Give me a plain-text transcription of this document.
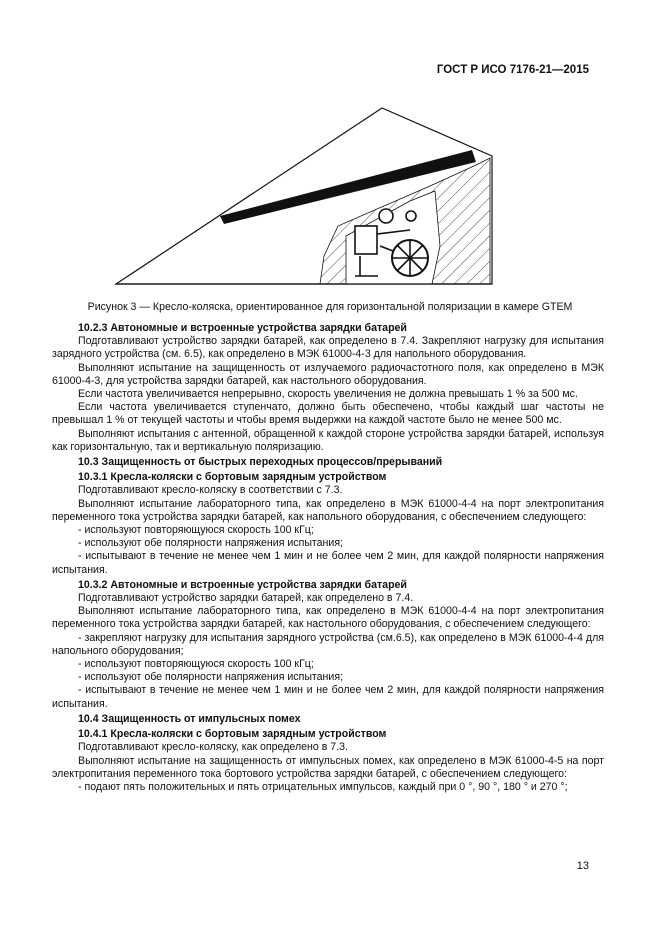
ГОСТ Р ИСО 7176-21—2015
Рисунок 3 — Кресло-коляска, ориентированное для горизонтальной поляризации в камере GTEM

10.2.3 Автономные и встроенные устройства зарядки батарей

Подготавливают устройство зарядки батарей, как определено в 7.4. Закрепляют нагрузку для испытания зарядного устройства (см. 6.5), как определено в МЭК 61000-4-3 для напольного оборудования.

Выполняют испытание на защищенность от излучаемого радиочастотного поля, как определено в МЭК 61000-4-3, для устройства зарядки батарей, как настольного оборудования.

Если частота увеличивается непрерывно, скорость увеличения не должна превышать 1 % за 500 мс.

Если частота увеличивается ступенчато, должно быть обеспечено, чтобы каждый шаг частоты не превышал 1 % от текущей частоты и чтобы время выдержки на каждой частоте было не менее 500 мс.

Выполняют испытания с антенной, обращенной к каждой стороне устройства зарядки батарей, используя как горизонтальную, так и вертикальную поляризацию.

10.3 Защищенность от быстрых переходных процессов/прерываний

10.3.1 Кресла-коляски с бортовым зарядным устройством

Подготавливают кресло-коляску в соответствии с 7.3.

Выполняют испытание лабораторного типа, как определено в МЭК 61000-4-4 на порт электропитания переменного тока устройства зарядки батарей, как напольного оборудования, с обеспечением следующего:

- используют повторяющуюся скорость 100 кГц;

- используют обе полярности напряжения испытания;

- испытывают в течение не менее чем 1 мин и не более чем 2 мин, для каждой полярности напряжения испытания.

10.3.2 Автономные и встроенные устройства зарядки батарей

Подготавливают устройство зарядки батарей, как определено в 7.4.

Выполняют испытание лабораторного типа, как определено в МЭК 61000-4-4 на порт электропитания переменного тока устройства зарядки батарей, как настольного оборудования, с обеспечением следующего:

- закрепляют нагрузку для испытания зарядного устройства (см.6.5), как определено в МЭК 61000-4-4 для напольного оборудования;

- используют повторяющуюся скорость 100 кГц;

- используют обе полярности напряжения испытания;

- испытывают в течение не менее чем 1 мин и не более чем 2 мин, для каждой полярности напряжения испытания.

10.4 Защищенность от импульсных помех

10.4.1 Кресла-коляски с бортовым зарядным устройством

Подготавливают кресло-коляску, как определено в 7.3.

Выполняют испытание на защищенность от импульсных помех, как определено в МЭК 61000-4-5 на порт электропитания переменного тока бортового устройства зарядки батарей, с обеспечением следующего:

- подают пять положительных и пять отрицательных импульсов, каждый при 0 °, 90 °, 180 ° и 270 °;

13
